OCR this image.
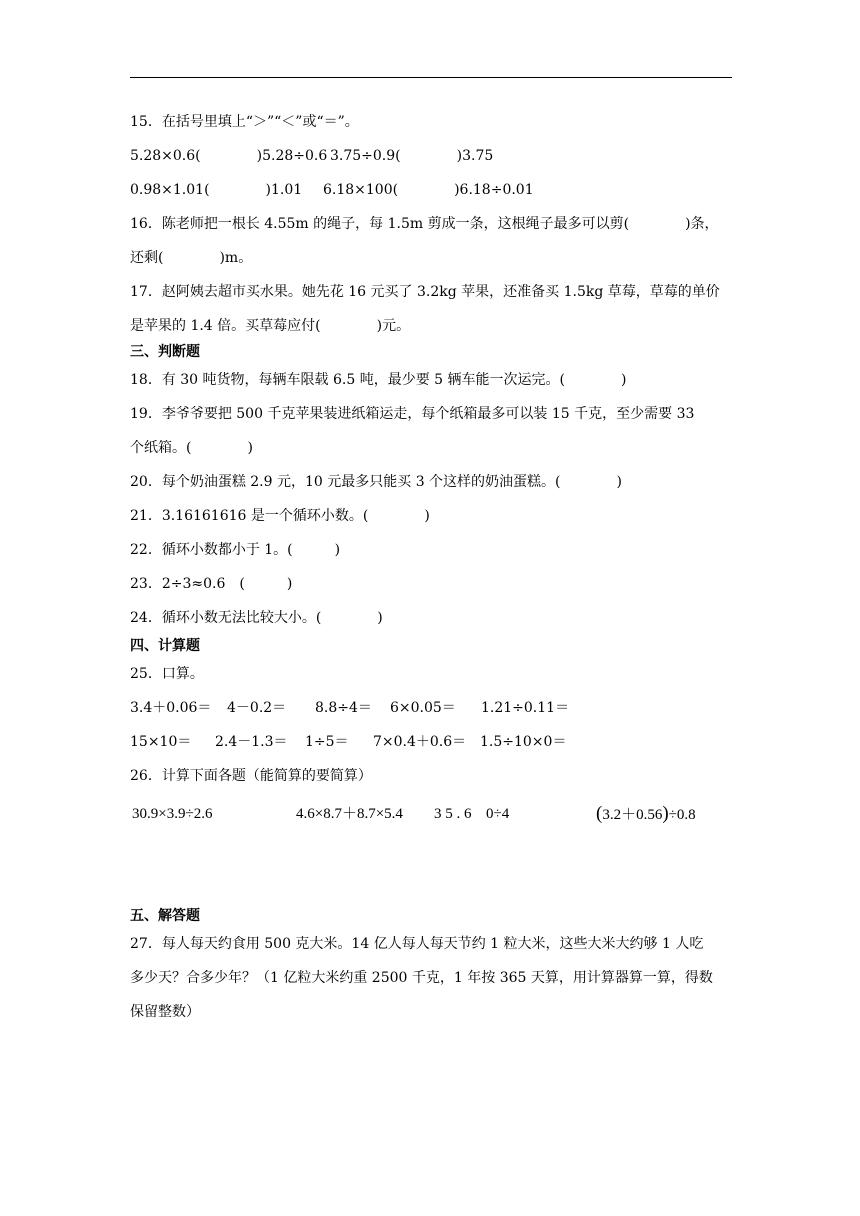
15．在括号里填上“＞”“＜”或“＝”。
5.28×0.6(　　　　)5.28÷0.6 3.75÷0.9(　　　　)3.75
0.98×1.01(　　　　)1.01 6.18×100(　　　　)6.18÷0.01
16．陈老师把一根长 4.55m 的绳子，每 1.5m 剪成一条，这根绳子最多可以剪(　　　　)条，
还剩(　　　　)m。
17．赵阿姨去超市买水果。她先花 16 元买了 3.2kg 苹果，还准备买 1.5kg 草莓，草莓的单价
是苹果的 1.4 倍。买草莓应付(　　　　)元。
三、判断题
18．有 30 吨货物，每辆车限载 6.5 吨，最少要 5 辆车能一次运完。(　　　　)
19．李爷爷要把 500 千克苹果装进纸箱运走，每个纸箱最多可以装 15 千克，至少需要 33
个纸箱。(　　　　)
20．每个奶油蛋糕 2.9 元，10 元最多只能买 3 个这样的奶油蛋糕。(　　　　)
21．3.16161616 是一个循环小数。(　　　　)
22．循环小数都小于 1。(　　　)
23．2÷3≈0.6　(　　　)
24．循环小数无法比较大小。(　　　　)
四、计算题
25．口算。
3.4＋0.06＝ 4－0.2＝ 8.8÷4＝ 6×0.05＝ 1.21÷0.11＝
15×10＝ 2.4－1.3＝ 1÷5＝ 7×0.4＋0.6＝ 1.5÷10×0＝
26．计算下面各题（能简算的要简算）
30.9×3.9÷2.6	4.6×8.7＋8.7×5.4 3 5 . 6 0÷4	(3.2＋0.56)÷0.8
五、解答题
27．每人每天约食用 500 克大米。14 亿人每人每天节约 1 粒大米，这些大米大约够 1 人吃
多少天？合多少年？（1 亿粒大米约重 2500 千克，1 年按 365 天算，用计算器算一算，得数
保留整数）
